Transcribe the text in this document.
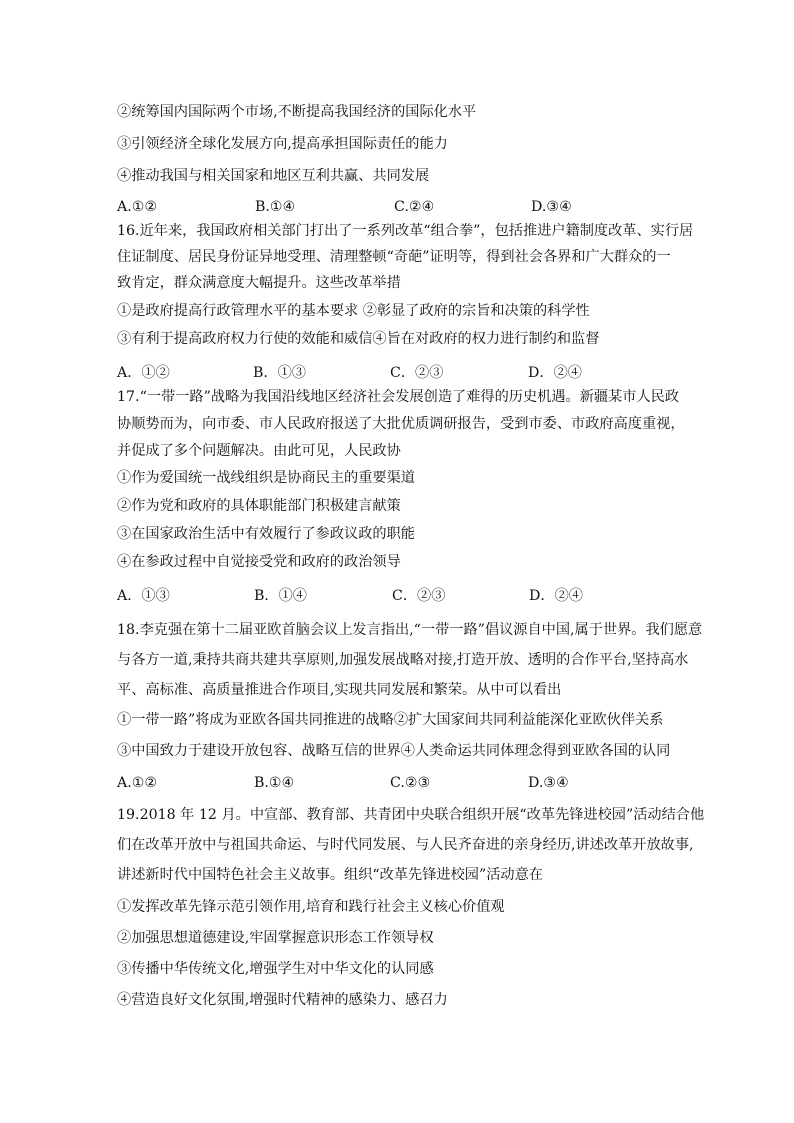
②统筹国内国际两个市场,不断提高我国经济的国际化水平
③引领经济全球化发展方向,提高承担国际责任的能力
④推动我国与相关国家和地区互利共赢、共同发展
A.①②	B.①④	C.②④	D.③④
16.近年来，我国政府相关部门打出了一系列改革“组合拳”，包括推进户籍制度改革、实行居
住证制度、居民身份证异地受理、清理整顿“奇葩”证明等，得到社会各界和广大群众的一
致肯定，群众满意度大幅提升。这些改革举措
①是政府提高行政管理水平的基本要求 ②彰显了政府的宗旨和决策的科学性
③有利于提高政府权力行使的效能和威信④旨在对政府的权力进行制约和监督
A．①②	B．①③	C．②③	D．②④
17.“一带一路”战略为我国沿线地区经济社会发展创造了难得的历史机遇。新疆某市人民政
协顺势而为，向市委、市人民政府报送了大批优质调研报告，受到市委、市政府高度重视，
并促成了多个问题解决。由此可见，人民政协
①作为爱国统一战线组织是协商民主的重要渠道
②作为党和政府的具体职能部门积极建言献策
③在国家政治生活中有效履行了参政议政的职能
④在参政过程中自觉接受党和政府的政治领导
A．①③	B．①④	C．②③	D．②④
18.李克强在第十二届亚欧首脑会议上发言指出,“一带一路”倡议源自中国,属于世界。我们愿意
与各方一道,秉持共商共建共享原则,加强发展战略对接,打造开放、透明的合作平台,坚持高水
平、高标准、高质量推进合作项目,实现共同发展和繁荣。从中可以看出
①一带一路”将成为亚欧各国共同推进的战略②扩大国家间共同利益能深化亚欧伙伴关系
③中国致力于建设开放包容、战略互信的世界④人类命运共同体理念得到亚欧各国的认同
A.①②	B.①④	C.②③	D.③④
19.2018 年 12 月。中宣部、教育部、共青团中央联合组织开展“改革先锋进校园”活动结合他
们在改革开放中与祖国共命运、与时代同发展、与人民齐奋进的亲身经历,讲述改革开放故事,
讲述新时代中国特色社会主义故事。组织“改革先锋进校园”活动意在
①发挥改革先锋示范引领作用,培育和践行社会主义核心价值观
②加强思想道德建设,牢固掌握意识形态工作领导权
③传播中华传统文化,增强学生对中华文化的认同感
④营造良好文化氛围,增强时代精神的感染力、感召力
